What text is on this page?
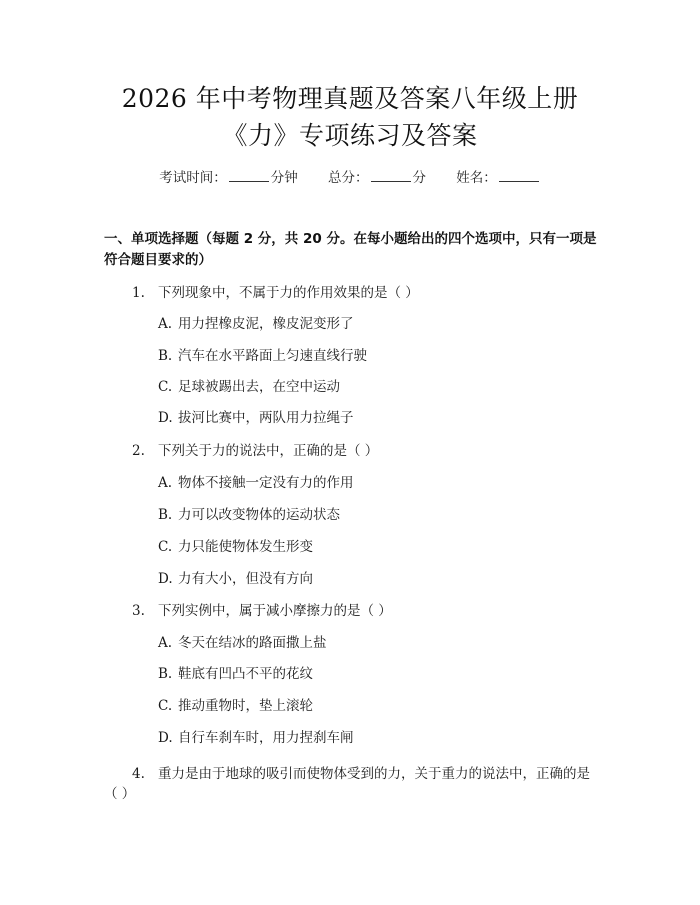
2026 年中考物理真题及答案八年级上册
《力》专项练习及答案
考试时间：	分钟 总分：	分 姓名：
一、单项选择题（每题 2 分，共 20 分。在每小题给出的四个选项中，只有一项是符合题目要求的）
1. 下列现象中，不属于力的作用效果的是（ ）
A. 用力捏橡皮泥，橡皮泥变形了
B. 汽车在水平路面上匀速直线行驶
C. 足球被踢出去，在空中运动
D. 拔河比赛中，两队用力拉绳子
2. 下列关于力的说法中，正确的是（ ）
A. 物体不接触一定没有力的作用
B. 力可以改变物体的运动状态
C. 力只能使物体发生形变
D. 力有大小，但没有方向
3. 下列实例中，属于减小摩擦力的是（ ）
A. 冬天在结冰的路面撒上盐
B. 鞋底有凹凸不平的花纹
C. 推动重物时，垫上滚轮
D. 自行车刹车时，用力捏刹车闸
4. 重力是由于地球的吸引而使物体受到的力，关于重力的说法中，正确的是（ ）
